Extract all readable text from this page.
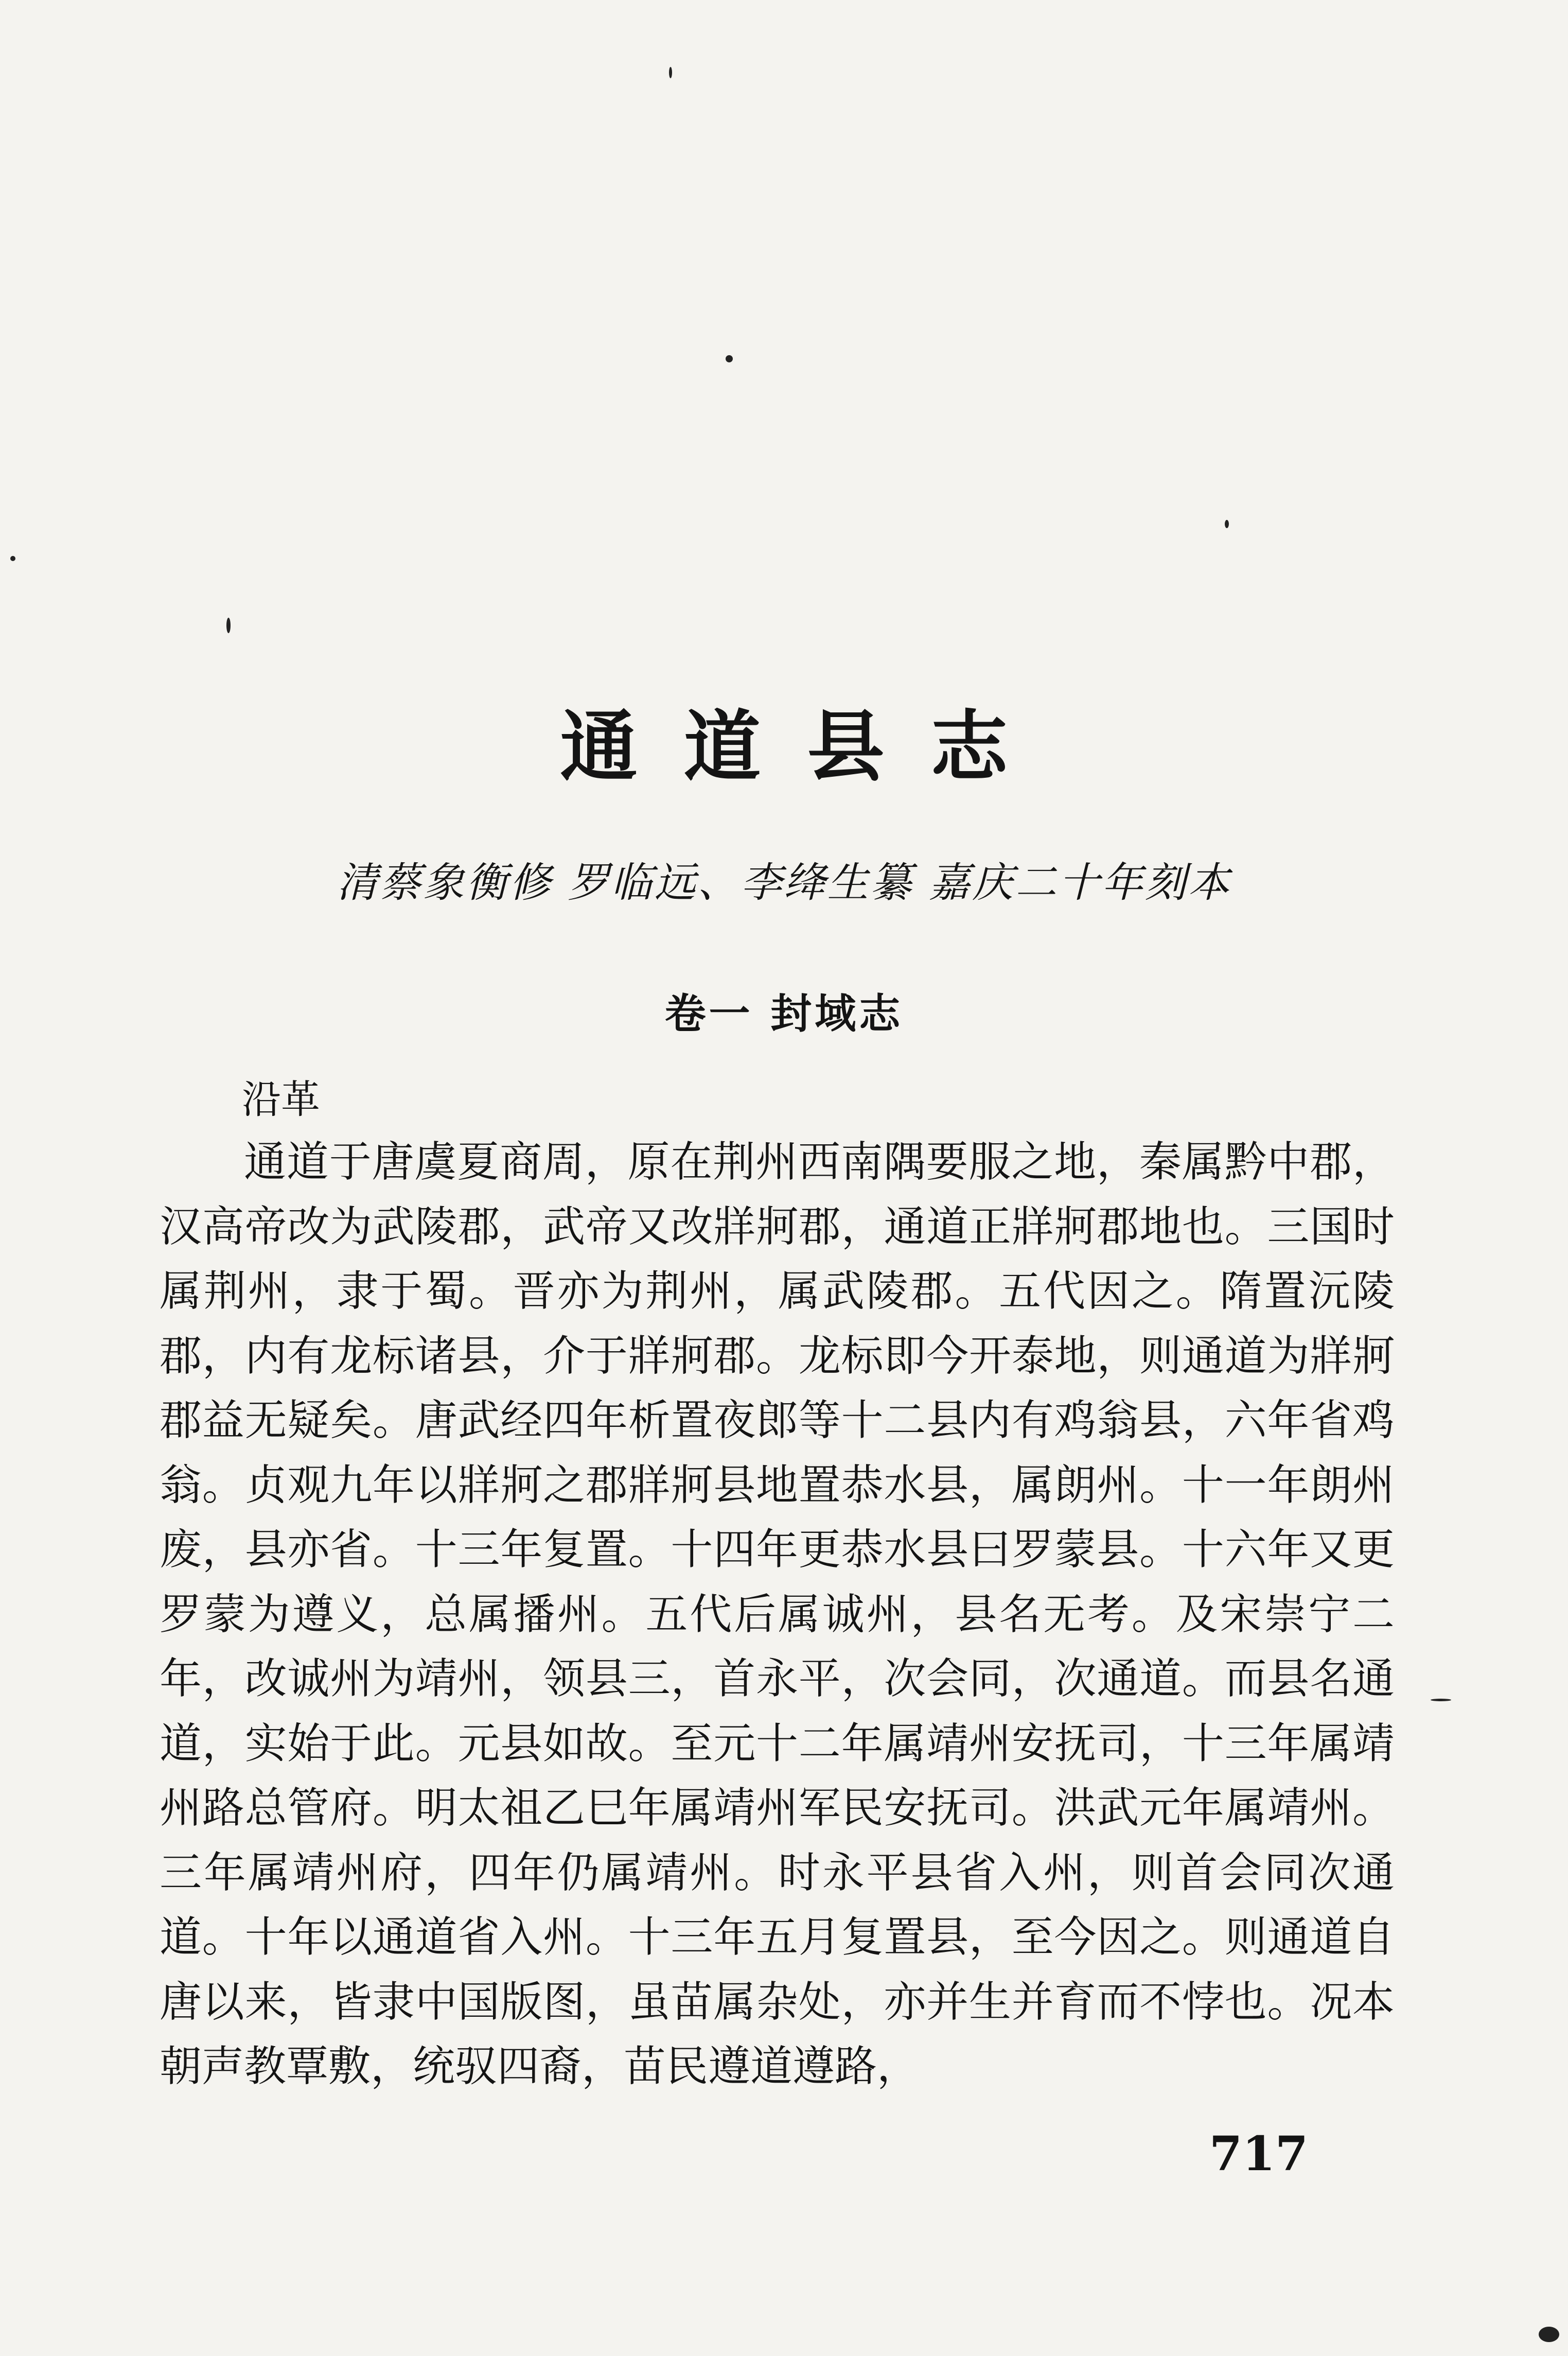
通道县志
清蔡象衡修 罗临远、李绛生纂 嘉庆二十年刻本
卷一 封域志
沿革

通道于唐虞夏商周，原在荆州西南隅要服之地，秦属黔中郡，汉高帝改为武陵郡，武帝又改牂牁郡，通道正牂牁郡地也。三国时属荆州，隶于蜀。晋亦为荆州，属武陵郡。五代因之。隋置沅陵郡，内有龙标诸县，介于牂牁郡。龙标即今开泰地，则通道为牂牁郡益无疑矣。唐武经四年析置夜郎等十二县内有鸡翁县，六年省鸡翁。贞观九年以牂牁之郡牂牁县地置恭水县，属朗州。十一年朗州废，县亦省。十三年复置。十四年更恭水县曰罗蒙县。十六年又更罗蒙为遵义，总属播州。五代后属诚州，县名无考。及宋崇宁二年，改诚州为靖州，领县三，首永平，次会同，次通道。而县名通道，实始于此。元县如故。至元十二年属靖州安抚司，十三年属靖州路总管府。明太祖乙巳年属靖州军民安抚司。洪武元年属靖州。三年属靖州府，四年仍属靖州。时永平县省入州，则首会同次通道。十年以通道省入州。十三年五月复置县，至今因之。则通道自唐以来，皆隶中国版图，虽苗属杂处，亦并生并育而不悖也。况本朝声教覃敷，统驭四裔，苗民遵道遵路，

717
